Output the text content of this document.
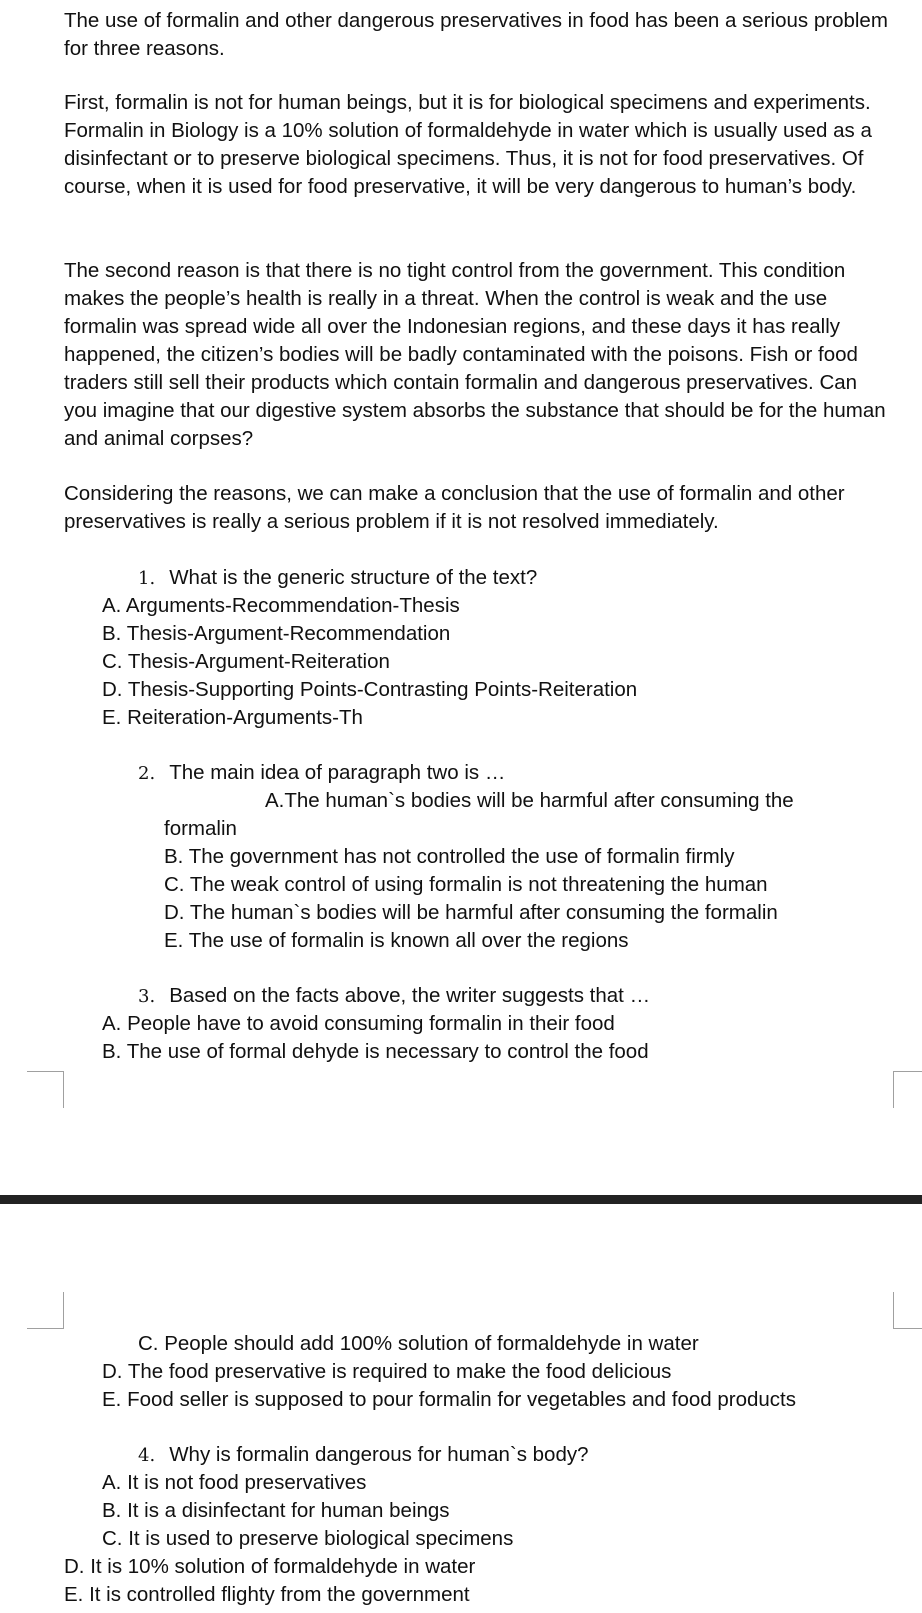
The use of formalin and other dangerous preservatives in food has been a serious problem for three reasons.

First, formalin is not for human beings, but it is for biological specimens and experiments. Formalin in Biology is a 10% solution of formaldehyde in water which is usually used as a disinfectant or to preserve biological specimens. Thus, it is not for food preservatives. Of course, when it is used for food preservative, it will be very dangerous to human’s body.

The second reason is that there is no tight control from the government. This condition makes the people’s health is really in a threat. When the control is weak and the use formalin was spread wide all over the Indonesian regions, and these days it has really happened, the citizen’s bodies will be badly contaminated with the poisons. Fish or food traders still sell their products which contain formalin and dangerous preservatives. Can you imagine that our digestive system absorbs the substance that should be for the human and animal corpses?

Considering the reasons, we can make a conclusion that the use of formalin and other preservatives is really a serious problem if it is not resolved immediately.

1. What is the generic structure of the text?
A. Arguments-Recommendation-Thesis
B. Thesis-Argument-Recommendation
C. Thesis-Argument-Reiteration
D. Thesis-Supporting Points-Contrasting Points-Reiteration
E. Reiteration-Arguments-Th
2. The main idea of paragraph two is …
A.The human`s bodies will be harmful after consuming the
formalin
B. The government has not controlled the use of formalin firmly
C. The weak control of using formalin is not threatening the human
D. The human`s bodies will be harmful after consuming the formalin
E. The use of formalin is known all over the regions
3. Based on the facts above, the writer suggests that …
A. People have to avoid consuming formalin in their food
B. The use of formal dehyde is necessary to control the food
C. People should add 100% solution of formaldehyde in water
D. The food preservative is required to make the food delicious
E. Food seller is supposed to pour formalin for vegetables and food products
4. Why is formalin dangerous for human`s body?
A. It is not food preservatives
B. It is a disinfectant for human beings
C. It is used to preserve biological specimens
D. It is 10% solution of formaldehyde in water
E. It is controlled flighty from the government
